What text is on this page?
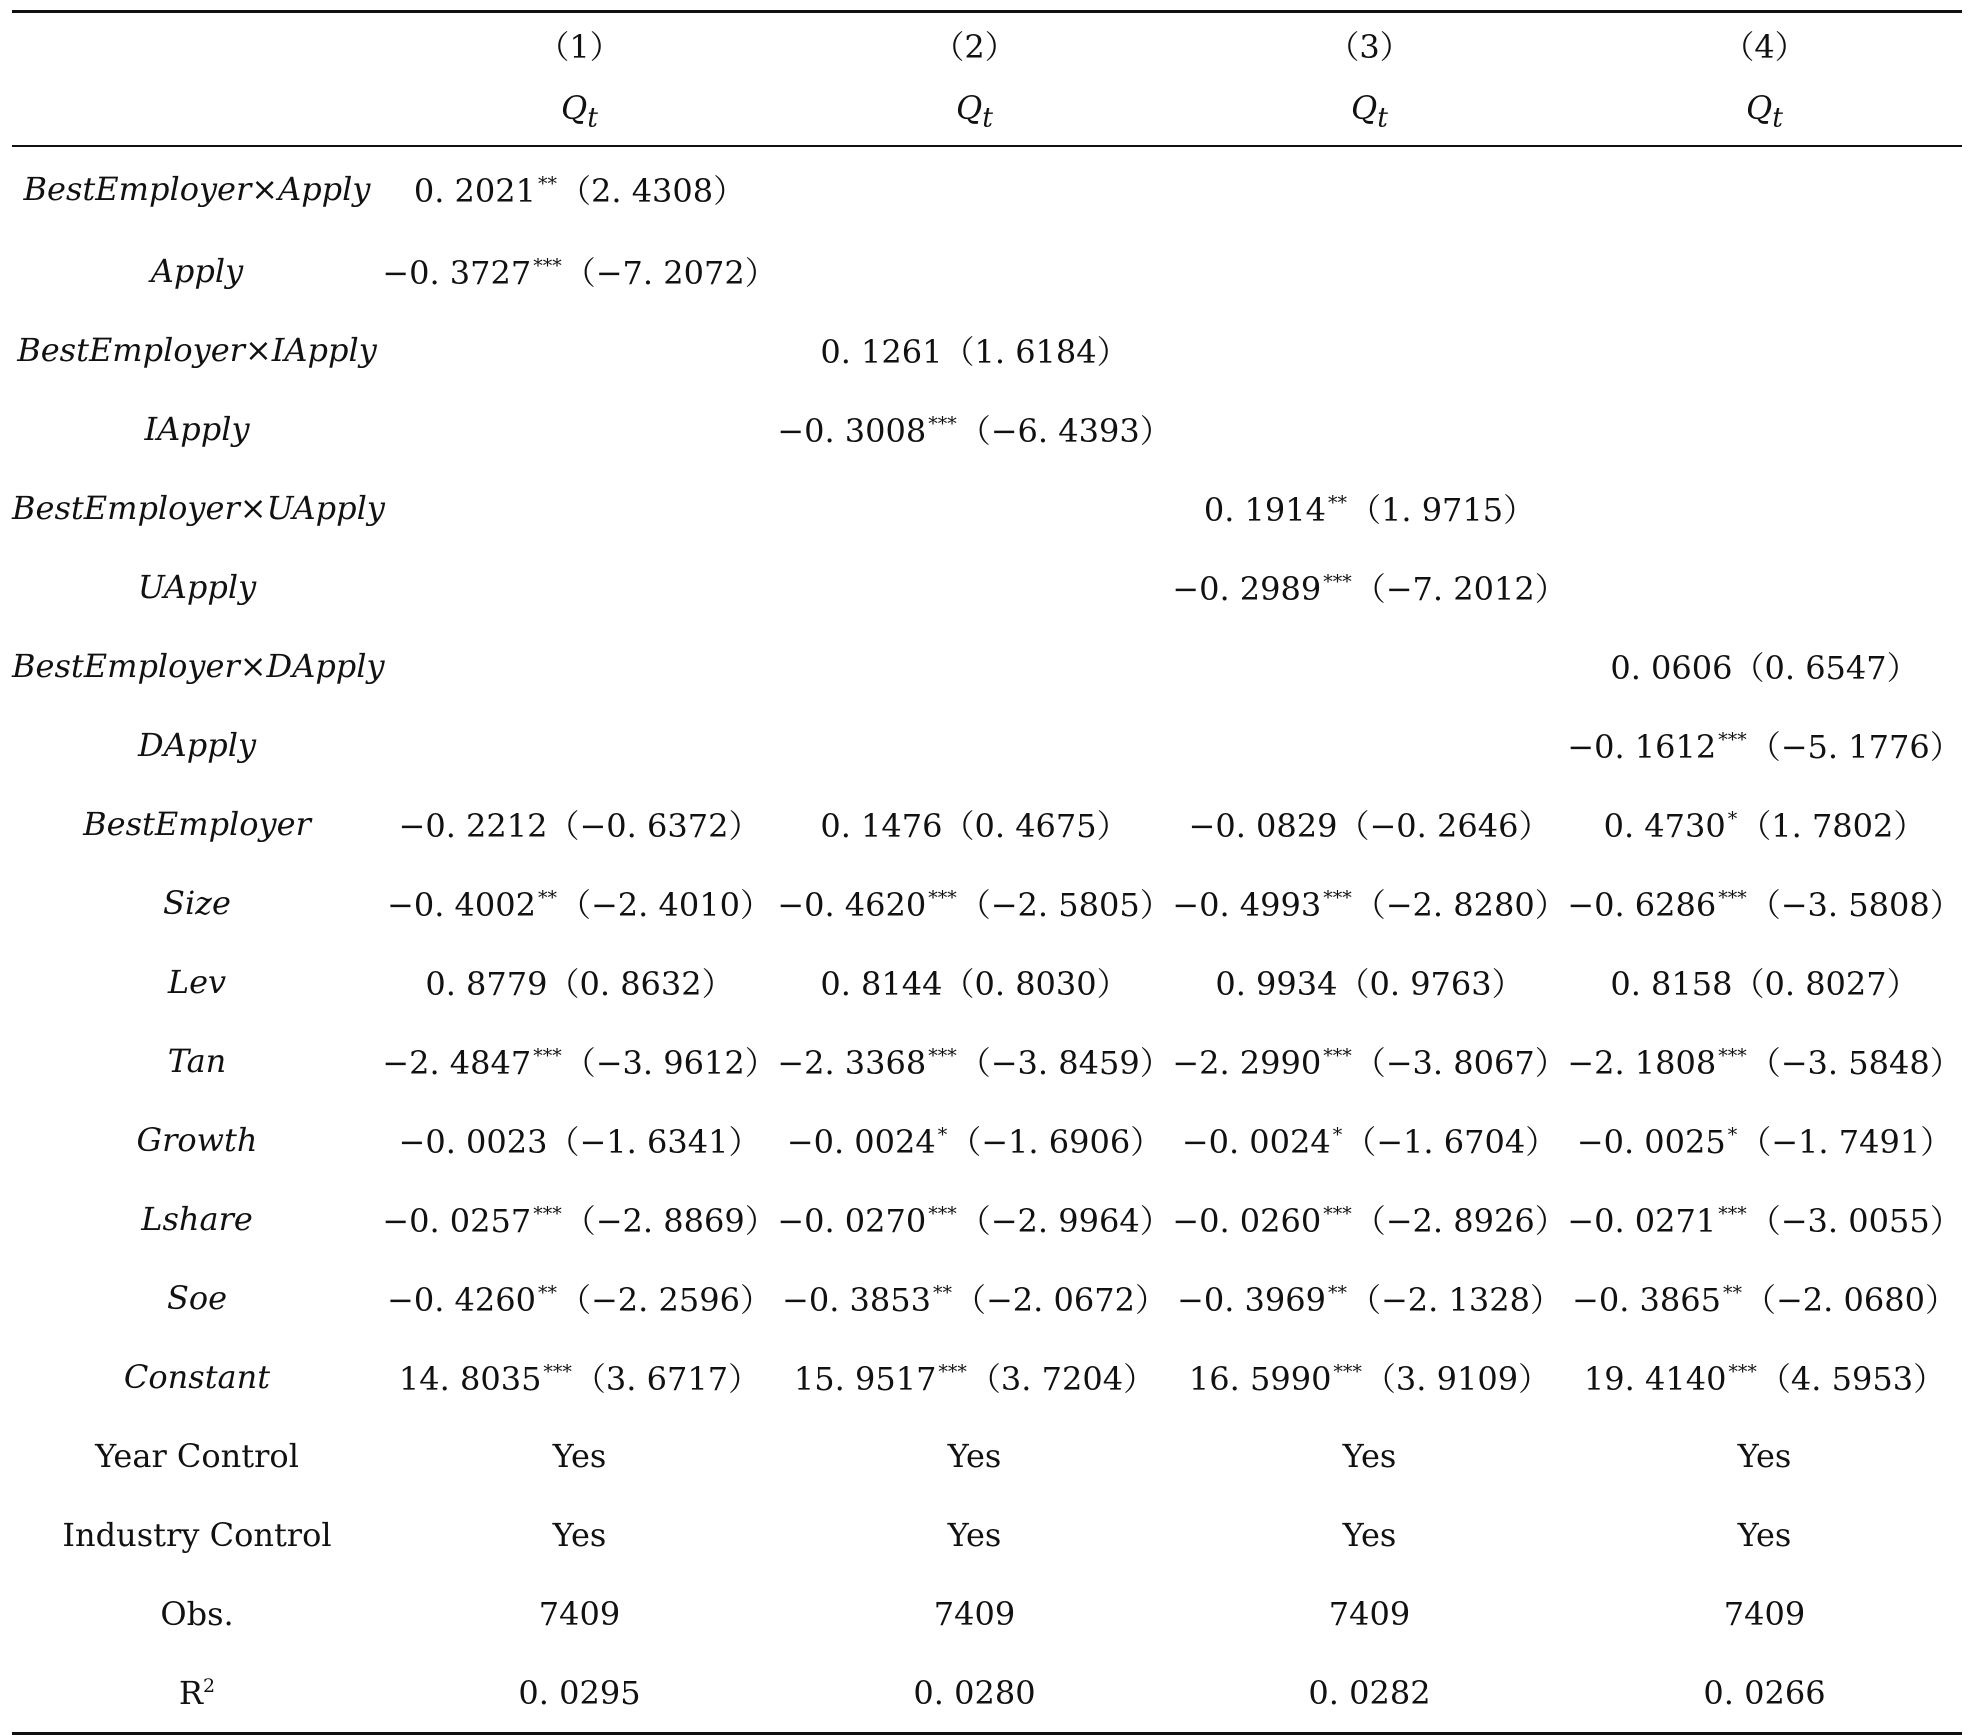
	（1）	（2）	（3）	（4）
	$Q_t$	$Q_t$	$Q_t$	$Q_t$
BestEmployer×Apply	0. 2021 **（2. 4308）			
Apply	−0. 3727 ***（−7. 2072）			
BestEmployer×IApply		0. 1261（1. 6184）		
IApply		−0. 3008 ***（−6. 4393）		
BestEmployer×UApply			0. 1914 **（1. 9715）	
UApply			−0. 2989 ***（−7. 2012）	
BestEmployer×DApply				0. 0606（0. 6547）
DApply				−0. 1612 ***（−5. 1776）
BestEmployer	−0. 2212（−0. 6372）	0. 1476（0. 4675）	−0. 0829（−0. 2646）	0. 4730 *（1. 7802）
Size	−0. 4002 **（−2. 4010）	−0. 4620 ***（−2. 5805）	−0. 4993 ***（−2. 8280）	−0. 6286 ***（−3. 5808）
Lev	0. 8779（0. 8632）	0. 8144（0. 8030）	0. 9934（0. 9763）	0. 8158（0. 8027）
Tan	−2. 4847 ***（−3. 9612）	−2. 3368 ***（−3. 8459）	−2. 2990 ***（−3. 8067）	−2. 1808 ***（−3. 5848）
Growth	−0. 0023（−1. 6341）	−0. 0024 *（−1. 6906）	−0. 0024 *（−1. 6704）	−0. 0025 *（−1. 7491）
Lshare	−0. 0257 ***（−2. 8869）	−0. 0270 ***（−2. 9964）	−0. 0260 ***（−2. 8926）	−0. 0271 ***（−3. 0055）
Soe	−0. 4260 **（−2. 2596）	−0. 3853 **（−2. 0672）	−0. 3969 **（−2. 1328）	−0. 3865 **（−2. 0680）
Constant	14. 8035 ***（3. 6717）	15. 9517 ***（3. 7204）	16. 5990 ***（3. 9109）	19. 4140 ***（4. 5953）
Year Control	Yes	Yes	Yes	Yes
Industry Control	Yes	Yes	Yes	Yes
Obs.	7409	7409	7409	7409
$R^2$	0. 0295	0. 0280	0. 0282	0. 0266
